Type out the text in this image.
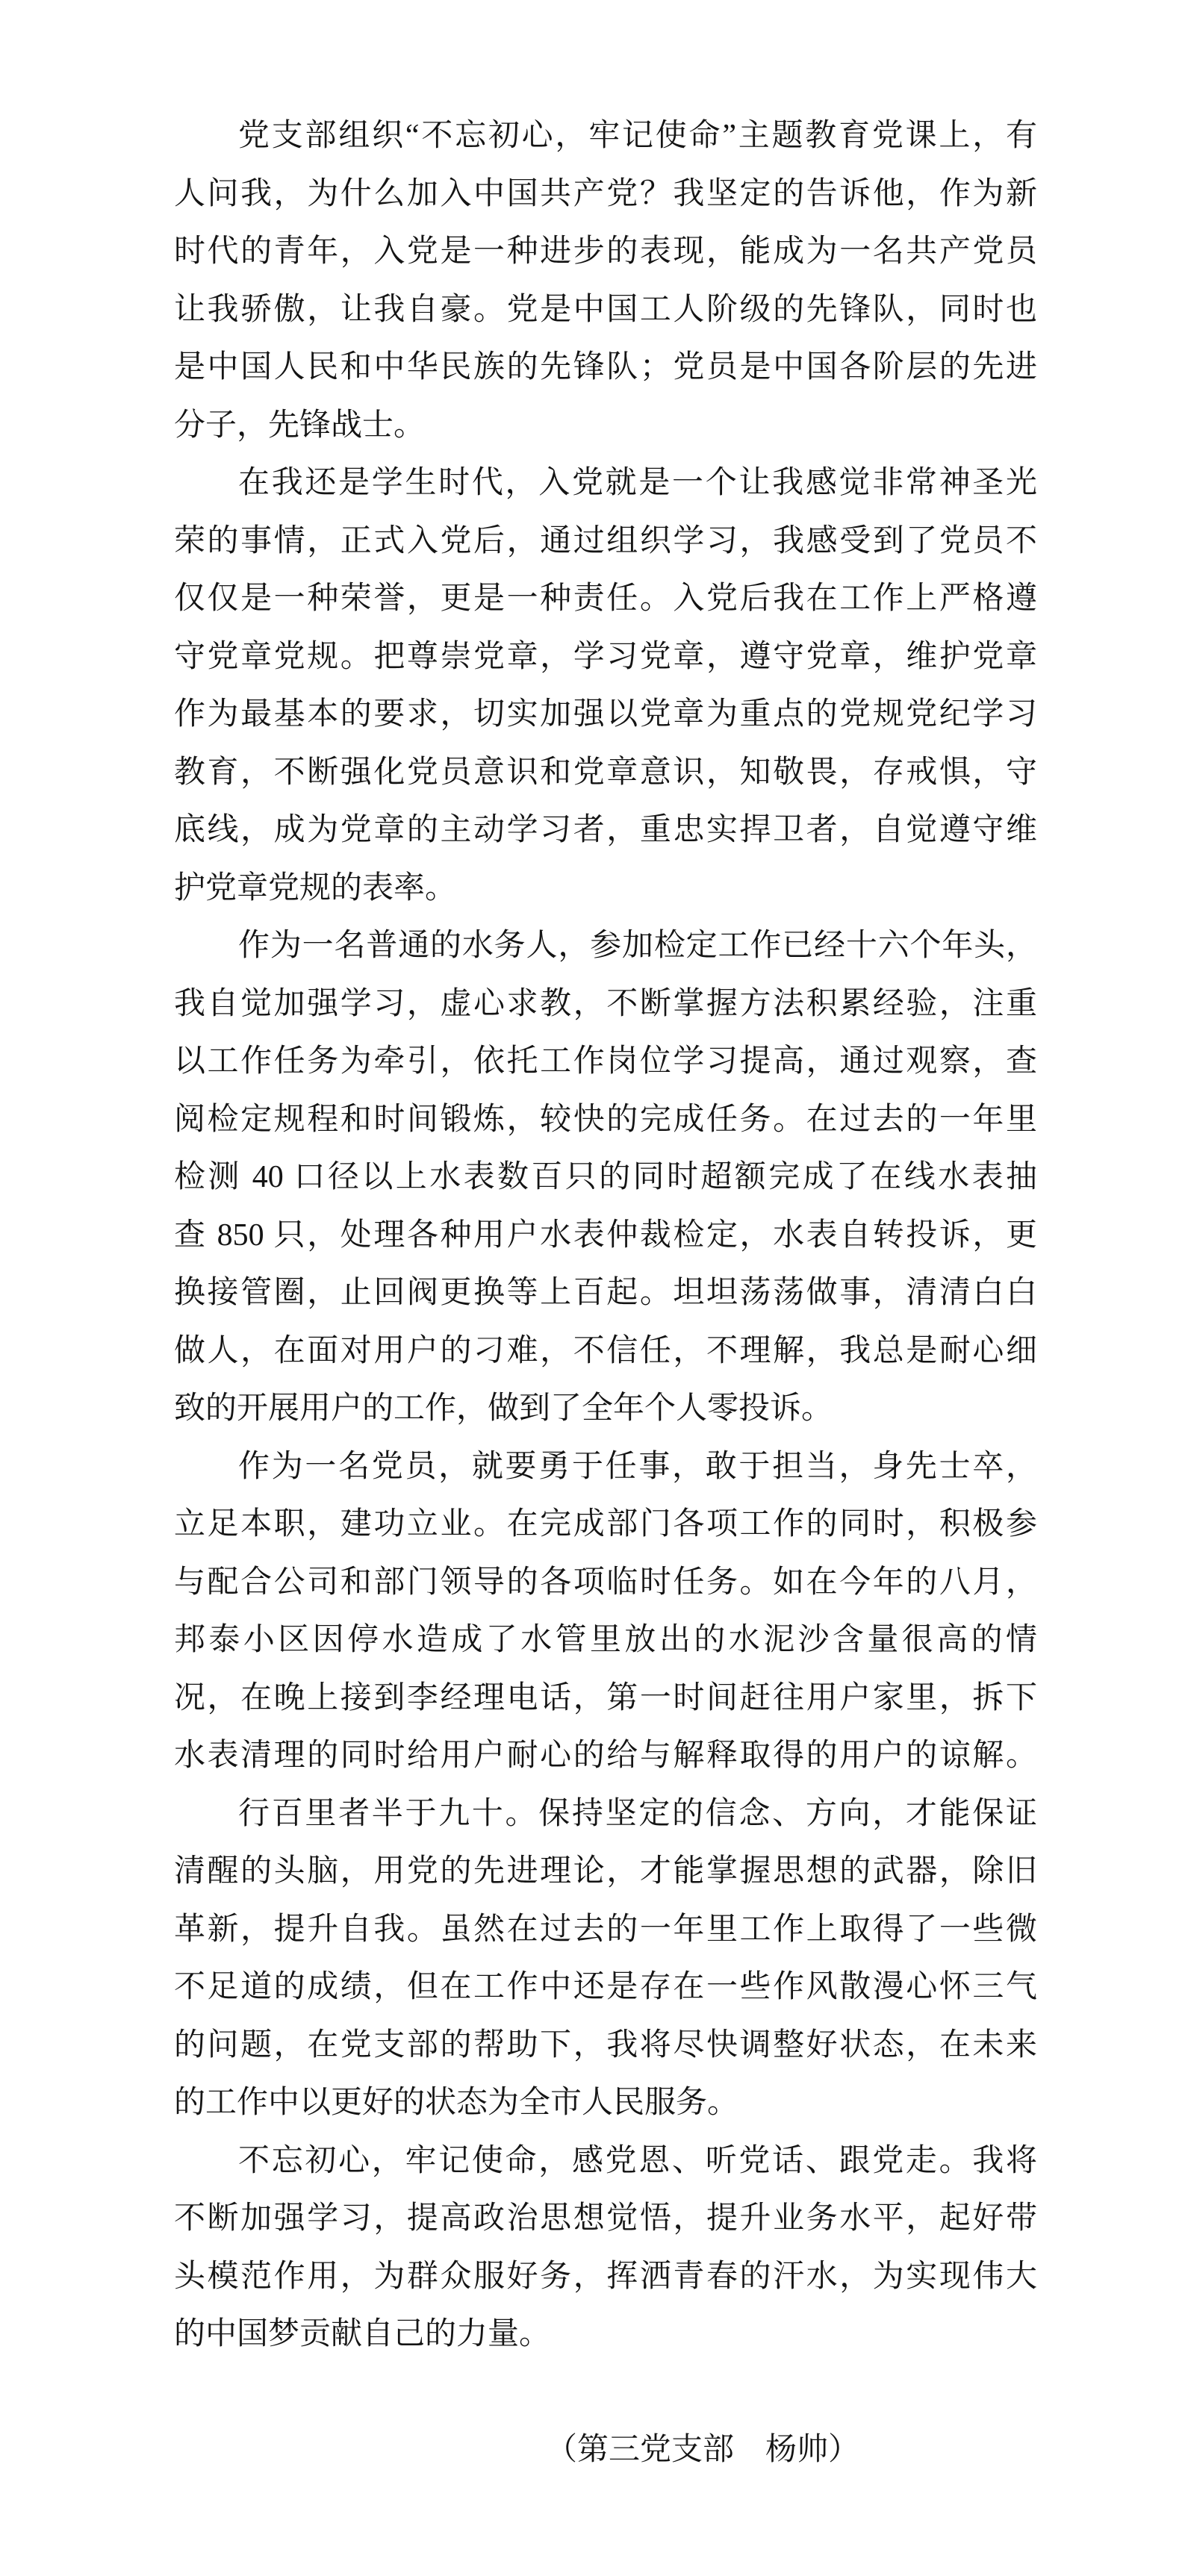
党支部组织“不忘初心，牢记使命”主题教育党课上，有
人问我，为什么加入中国共产党？我坚定的告诉他，作为新
时代的青年，入党是一种进步的表现，能成为一名共产党员
让我骄傲，让我自豪。党是中国工人阶级的先锋队，同时也
是中国人民和中华民族的先锋队；党员是中国各阶层的先进
分子，先锋战士。
在我还是学生时代，入党就是一个让我感觉非常神圣光
荣的事情，正式入党后，通过组织学习，我感受到了党员不
仅仅是一种荣誉，更是一种责任。入党后我在工作上严格遵
守党章党规。把尊崇党章，学习党章，遵守党章，维护党章
作为最基本的要求，切实加强以党章为重点的党规党纪学习
教育，不断强化党员意识和党章意识，知敬畏，存戒惧，守
底线，成为党章的主动学习者，重忠实捍卫者，自觉遵守维
护党章党规的表率。
作为一名普通的水务人，参加检定工作已经十六个年头，
我自觉加强学习，虚心求教，不断掌握方法积累经验，注重
以工作任务为牵引，依托工作岗位学习提高，通过观察，查
阅检定规程和时间锻炼，较快的完成任务。在过去的一年里
检测 40 口径以上水表数百只的同时超额完成了在线水表抽
查 850 只，处理各种用户水表仲裁检定，水表自转投诉，更
换接管圈，止回阀更换等上百起。坦坦荡荡做事，清清白白
做人，在面对用户的刁难，不信任，不理解，我总是耐心细
致的开展用户的工作，做到了全年个人零投诉。
作为一名党员，就要勇于任事，敢于担当，身先士卒，
立足本职，建功立业。在完成部门各项工作的同时，积极参
与配合公司和部门领导的各项临时任务。如在今年的八月，
邦泰小区因停水造成了水管里放出的水泥沙含量很高的情
况，在晚上接到李经理电话，第一时间赶往用户家里，拆下
水表清理的同时给用户耐心的给与解释取得的用户的谅解。
行百里者半于九十。保持坚定的信念、方向，才能保证
清醒的头脑，用党的先进理论，才能掌握思想的武器，除旧
革新，提升自我。虽然在过去的一年里工作上取得了一些微
不足道的成绩，但在工作中还是存在一些作风散漫心怀三气
的问题，在党支部的帮助下，我将尽快调整好状态，在未来
的工作中以更好的状态为全市人民服务。
不忘初心，牢记使命，感党恩、听党话、跟党走。我将
不断加强学习，提高政治思想觉悟，提升业务水平，起好带
头模范作用，为群众服好务，挥洒青春的汗水，为实现伟大
的中国梦贡献自己的力量。
（第三党支部　杨帅）
